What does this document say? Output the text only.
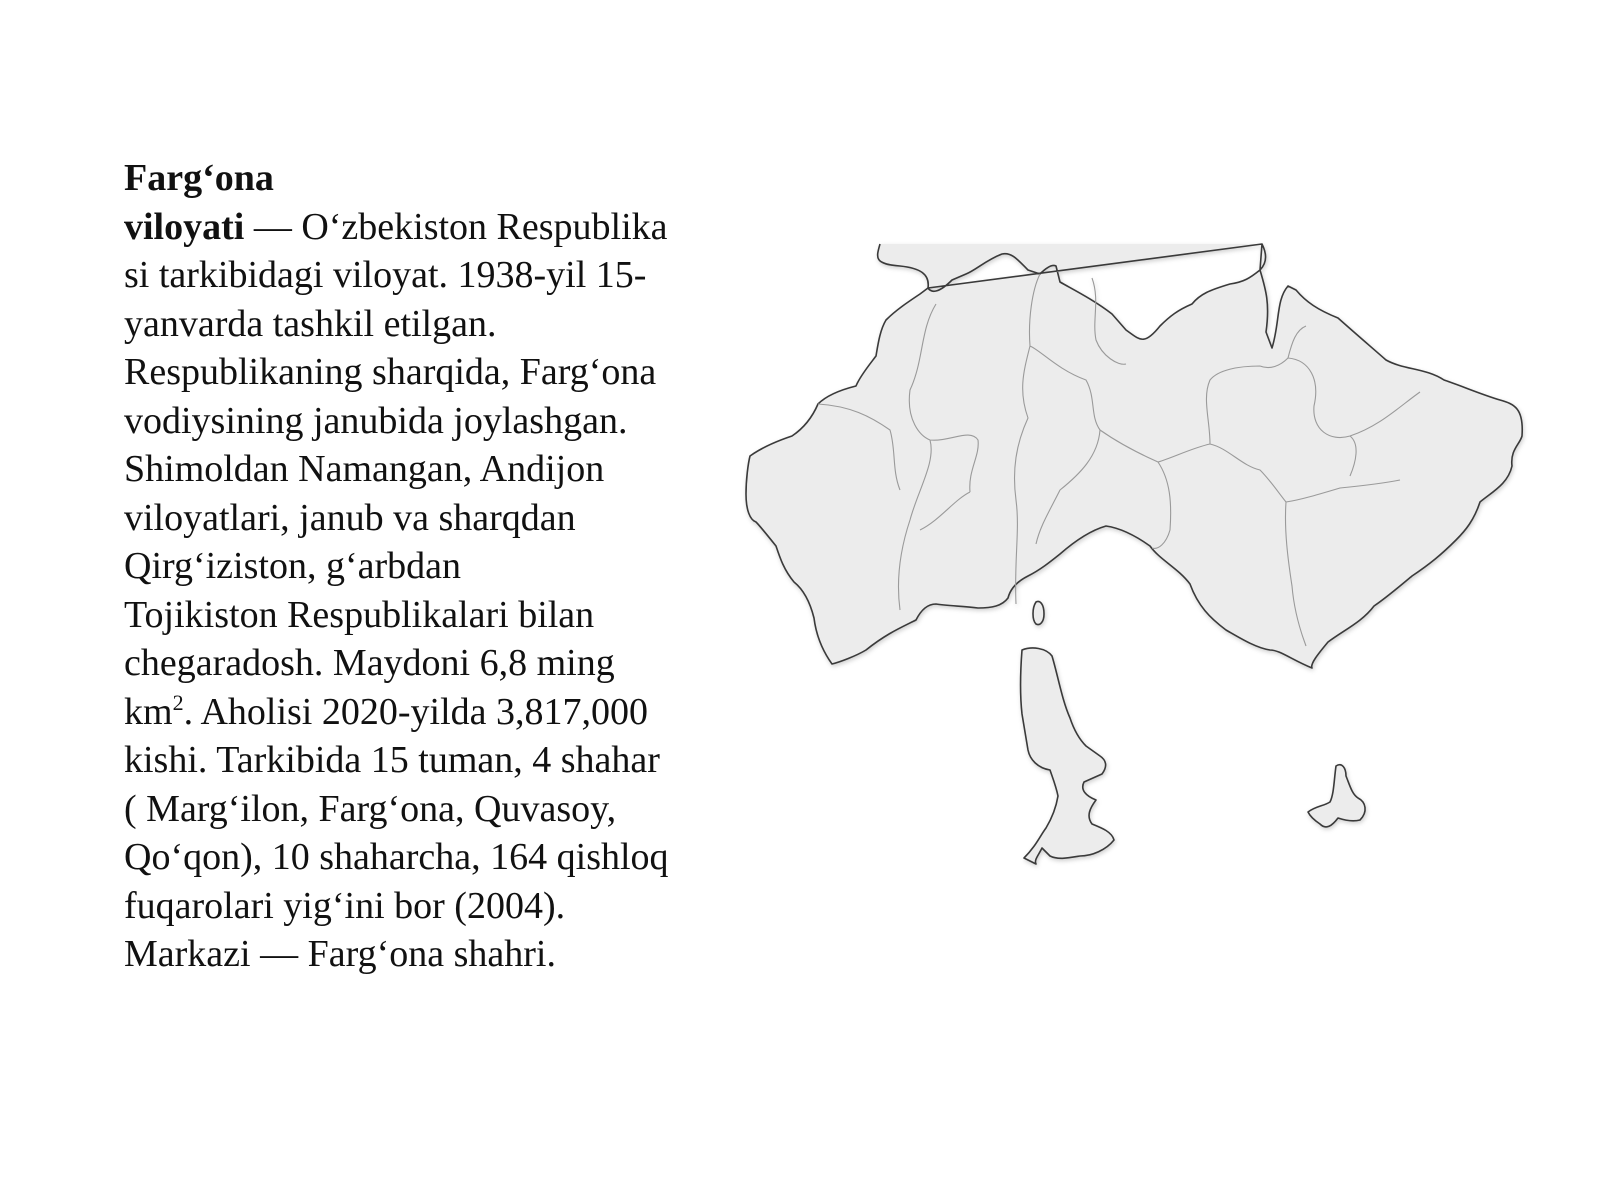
Farg‘ona
viloyati — O‘zbekiston Respublika
si tarkibidagi viloyat. 1938-yil 15-
yanvarda tashkil etilgan.
Respublikaning sharqida, Farg‘ona
vodiysining janubida joylashgan.
Shimoldan Namangan, Andijon
viloyatlari, janub va sharqdan
Qirg‘iziston, g‘arbdan
Tojikiston Respublikalari bilan
chegaradosh. Maydoni 6,8 ming
$km^2$. Aholisi 2020-yilda 3,817,000
kishi. Tarkibida 15 tuman, 4 shahar
( Marg‘ilon, Farg‘ona, Quvasoy,
Qo‘qon), 10 shaharcha, 164 qishloq
fuqarolari yig‘ini bor (2004).
Markazi — Farg‘ona shahri.
